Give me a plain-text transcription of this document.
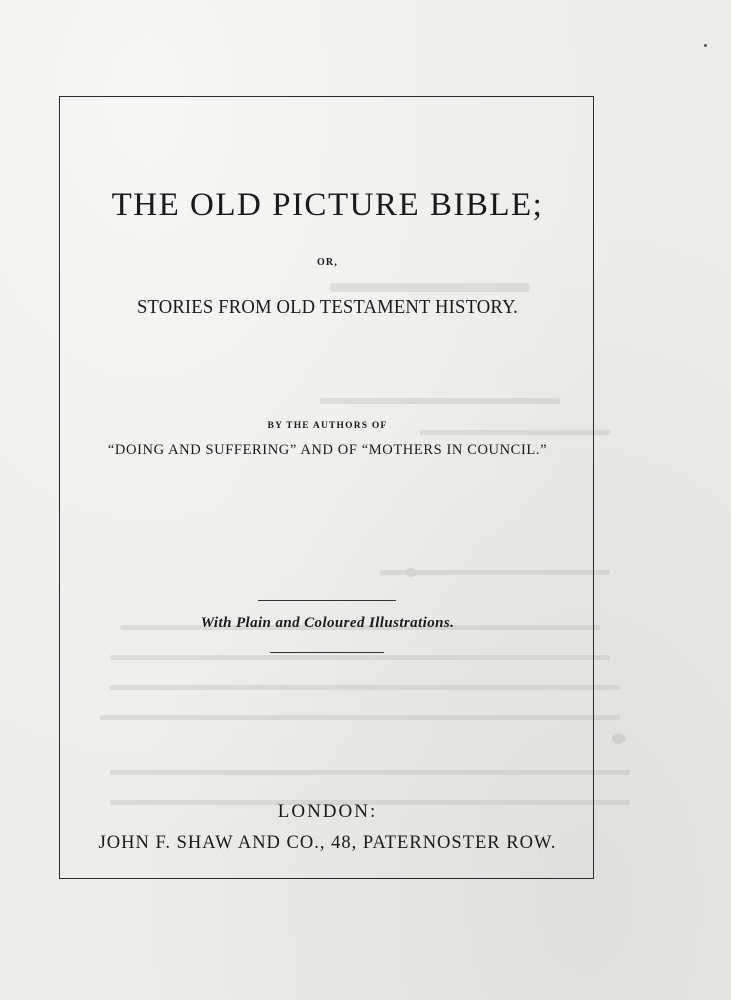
THE OLD PICTURE BIBLE;
OR,
STORIES FROM OLD TESTAMENT HISTORY.
BY THE AUTHORS OF
“DOING AND SUFFERING” AND OF “MOTHERS IN COUNCIL.”
With Plain and Coloured Illustrations.
LONDON:
JOHN F. SHAW AND CO., 48, PATERNOSTER ROW.
